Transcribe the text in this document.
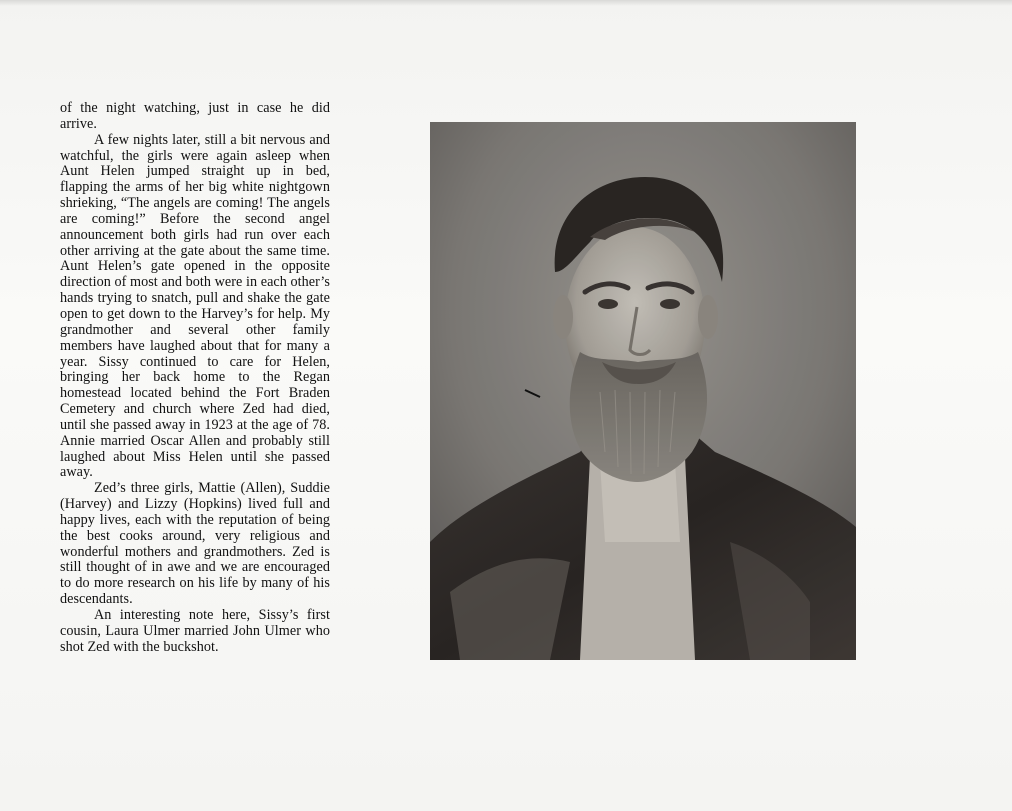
of the night watching, just in case he did arrive.

A few nights later, still a bit nervous and watchful, the girls were again asleep when Aunt Helen jumped straight up in bed, flapping the arms of her big white nightgown shrieking, “The angels are coming! The angels are coming!” Before the second angel announcement both girls had run over each other arriving at the gate about the same time. Aunt Helen’s gate opened in the opposite direction of most and both were in each other’s hands trying to snatch, pull and shake the gate open to get down to the Harvey’s for help. My grandmother and several other family members have laughed about that for many a year. Sissy continued to care for Helen, bringing her back home to the Regan homestead located behind the Fort Braden Cemetery and church where Zed had died, until she passed away in 1923 at the age of 78. Annie married Oscar Allen and probably still laughed about Miss Helen until she passed away.

Zed’s three girls, Mattie (Allen), Suddie (Harvey) and Lizzy (Hopkins) lived full and happy lives, each with the reputation of being the best cooks around, very religious and wonderful mothers and grandmothers. Zed is still thought of in awe and we are encouraged to do more research on his life by many of his descendants.

An interesting note here, Sissy’s first cousin, Laura Ulmer married John Ulmer who shot Zed with the buckshot.
